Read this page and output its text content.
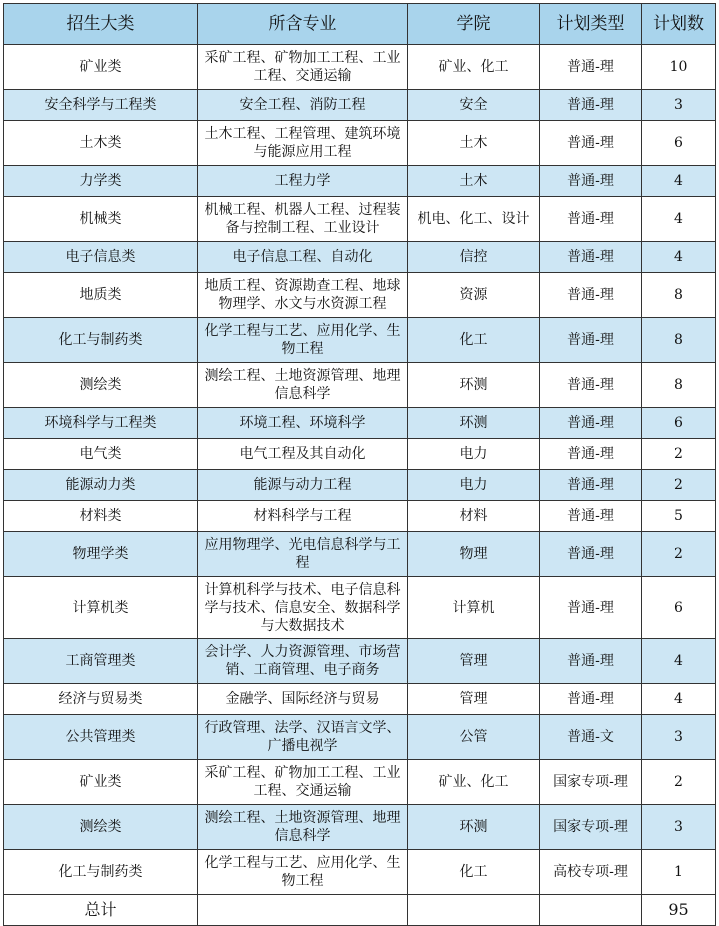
招生大类	所含专业	学院	计划类型	计划数
矿业类	采矿工程、矿物加工工程、工业工程、交通运输	矿业、化工	普通-理	10
安全科学与工程类	安全工程、消防工程	安全	普通-理	3
土木类	土木工程、工程管理、建筑环境与能源应用工程	土木	普通-理	6
力学类	工程力学	土木	普通-理	4
机械类	机械工程、机器人工程、过程装备与控制工程、工业设计	机电、化工、设计	普通-理	4
电子信息类	电子信息工程、自动化	信控	普通-理	4
地质类	地质工程、资源勘查工程、地球物理学、水文与水资源工程	资源	普通-理	8
化工与制药类	化学工程与工艺、应用化学、生物工程	化工	普通-理	8
测绘类	测绘工程、土地资源管理、地理信息科学	环测	普通-理	8
环境科学与工程类	环境工程、环境科学	环测	普通-理	6
电气类	电气工程及其自动化	电力	普通-理	2
能源动力类	能源与动力工程	电力	普通-理	2
材料类	材料科学与工程	材料	普通-理	5
物理学类	应用物理学、光电信息科学与工程	物理	普通-理	2
计算机类	计算机科学与技术、电子信息科学与技术、信息安全、数据科学与大数据技术	计算机	普通-理	6
工商管理类	会计学、人力资源管理、市场营销、工商管理、电子商务	管理	普通-理	4
经济与贸易类	金融学、国际经济与贸易	管理	普通-理	4
公共管理类	行政管理、法学、汉语言文学、广播电视学	公管	普通-文	3
矿业类	采矿工程、矿物加工工程、工业工程、交通运输	矿业、化工	国家专项-理	2
测绘类	测绘工程、土地资源管理、地理信息科学	环测	国家专项-理	3
化工与制药类	化学工程与工艺、应用化学、生物工程	化工	高校专项-理	1
总计				95
